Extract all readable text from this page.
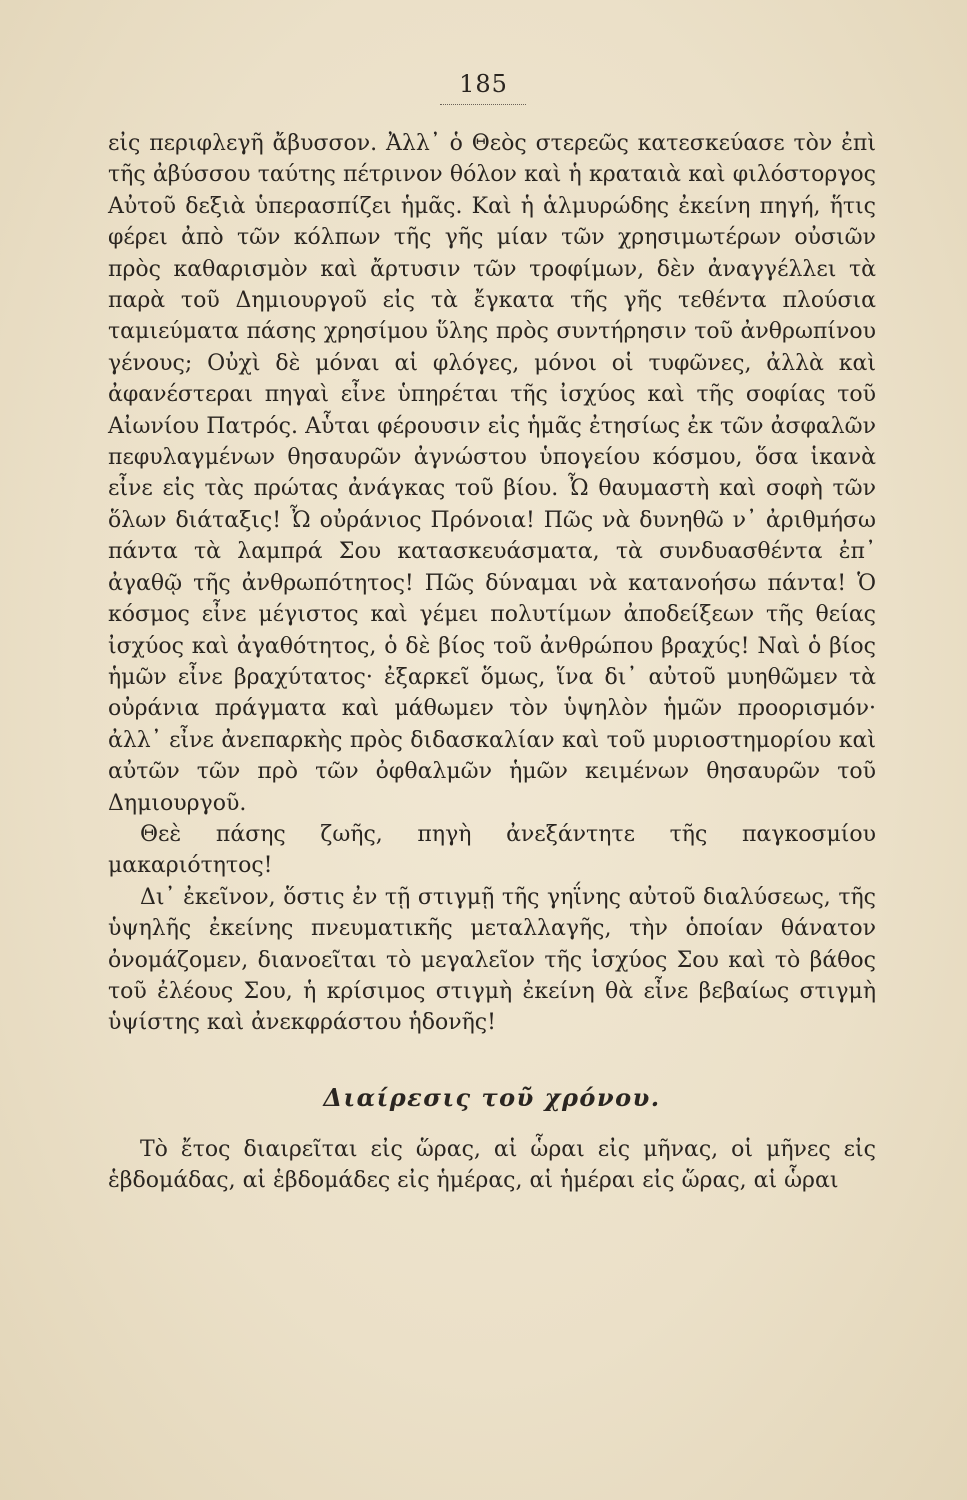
185

εἰς περιφλεγῆ ἄβυσσον. Ἀλλ᾽ ὁ Θεὸς στερεῶς κατεσκεύασε τὸν ἐπὶ τῆς ἀβύσσου ταύτης πέτρινον θόλον καὶ ἡ κραταιὰ καὶ φιλόστοργος Αὐτοῦ δεξιὰ ὑπερασπίζει ἡμᾶς. Καὶ ἡ ἁλμυρώδης ἐκείνη πηγή, ἥτις φέρει ἀπὸ τῶν κόλπων τῆς γῆς μίαν τῶν χρησιμωτέρων οὐσιῶν πρὸς καθαρισμὸν καὶ ἄρτυσιν τῶν τροφίμων, δὲν ἀναγγέλλει τὰ παρὰ τοῦ Δημιουργοῦ εἰς τὰ ἔγκατα τῆς γῆς τεθέντα πλούσια ταμιεύματα πάσης χρησίμου ὕλης πρὸς συντήρησιν τοῦ ἀνθρωπίνου γένους; Οὐχὶ δὲ μόναι αἱ φλόγες, μόνοι οἱ τυφῶνες, ἀλλὰ καὶ ἀφανέστεραι πηγαὶ εἶνε ὑπηρέται τῆς ἰσχύος καὶ τῆς σοφίας τοῦ Αἰωνίου Πατρός. Αὗται φέρουσιν εἰς ἡμᾶς ἐτησίως ἐκ τῶν ἀσφαλῶν πεφυλαγμένων θησαυρῶν ἀγνώστου ὑπογείου κόσμου, ὅσα ἱκανὰ εἶνε εἰς τὰς πρώτας ἀνάγκας τοῦ βίου. Ὦ θαυμαστὴ καὶ σοφὴ τῶν ὅλων διάταξις! Ὦ οὐράνιος Πρόνοια! Πῶς νὰ δυνηθῶ ν᾽ ἀριθμήσω πάντα τὰ λαμπρά Σου κατασκευάσματα, τὰ συνδυασθέντα ἐπ᾽ ἀγαθῷ τῆς ἀνθρωπότητος! Πῶς δύναμαι νὰ κατανοήσω πάντα! Ὁ κόσμος εἶνε μέγιστος καὶ γέμει πολυτίμων ἀποδείξεων τῆς θείας ἰσχύος καὶ ἀγαθότητος, ὁ δὲ βίος τοῦ ἀνθρώπου βραχύς! Ναὶ ὁ βίος ἡμῶν εἶνε βραχύτατος· ἐξαρκεῖ ὅμως, ἵνα δι᾽ αὐτοῦ μυηθῶμεν τὰ οὐράνια πράγματα καὶ μάθωμεν τὸν ὑψηλὸν ἡμῶν προορισμόν· ἀλλ᾽ εἶνε ἀνεπαρκὴς πρὸς διδασκαλίαν καὶ τοῦ μυριοστημορίου καὶ αὐτῶν τῶν πρὸ τῶν ὀφθαλμῶν ἡμῶν κειμένων θησαυρῶν τοῦ Δημιουργοῦ.

Θεὲ πάσης ζωῆς, πηγὴ ἀνεξάντητε τῆς παγκοσμίου μακαριότητος!

Δι᾽ ἐκεῖνον, ὅστις ἐν τῇ στιγμῇ τῆς γηΐνης αὐτοῦ διαλύσεως, τῆς ὑψηλῆς ἐκείνης πνευματικῆς μεταλλαγῆς, τὴν ὁποίαν θάνατον ὀνομάζομεν, διανοεῖται τὸ μεγαλεῖον τῆς ἰσχύος Σου καὶ τὸ βάθος τοῦ ἐλέους Σου, ἡ κρίσιμος στιγμὴ ἐκείνη θὰ εἶνε βεβαίως στιγμὴ ὑψίστης καὶ ἀνεκφράστου ἡδονῆς!

Διαίρεσις τοῦ χρόνου.

Τὸ ἔτος διαιρεῖται εἰς ὥρας, αἱ ὧραι εἰς μῆνας, οἱ μῆνες εἰς ἑβδομάδας, αἱ ἑβδομάδες εἰς ἡμέρας, αἱ ἡμέραι εἰς ὥρας, αἱ ὧραι
